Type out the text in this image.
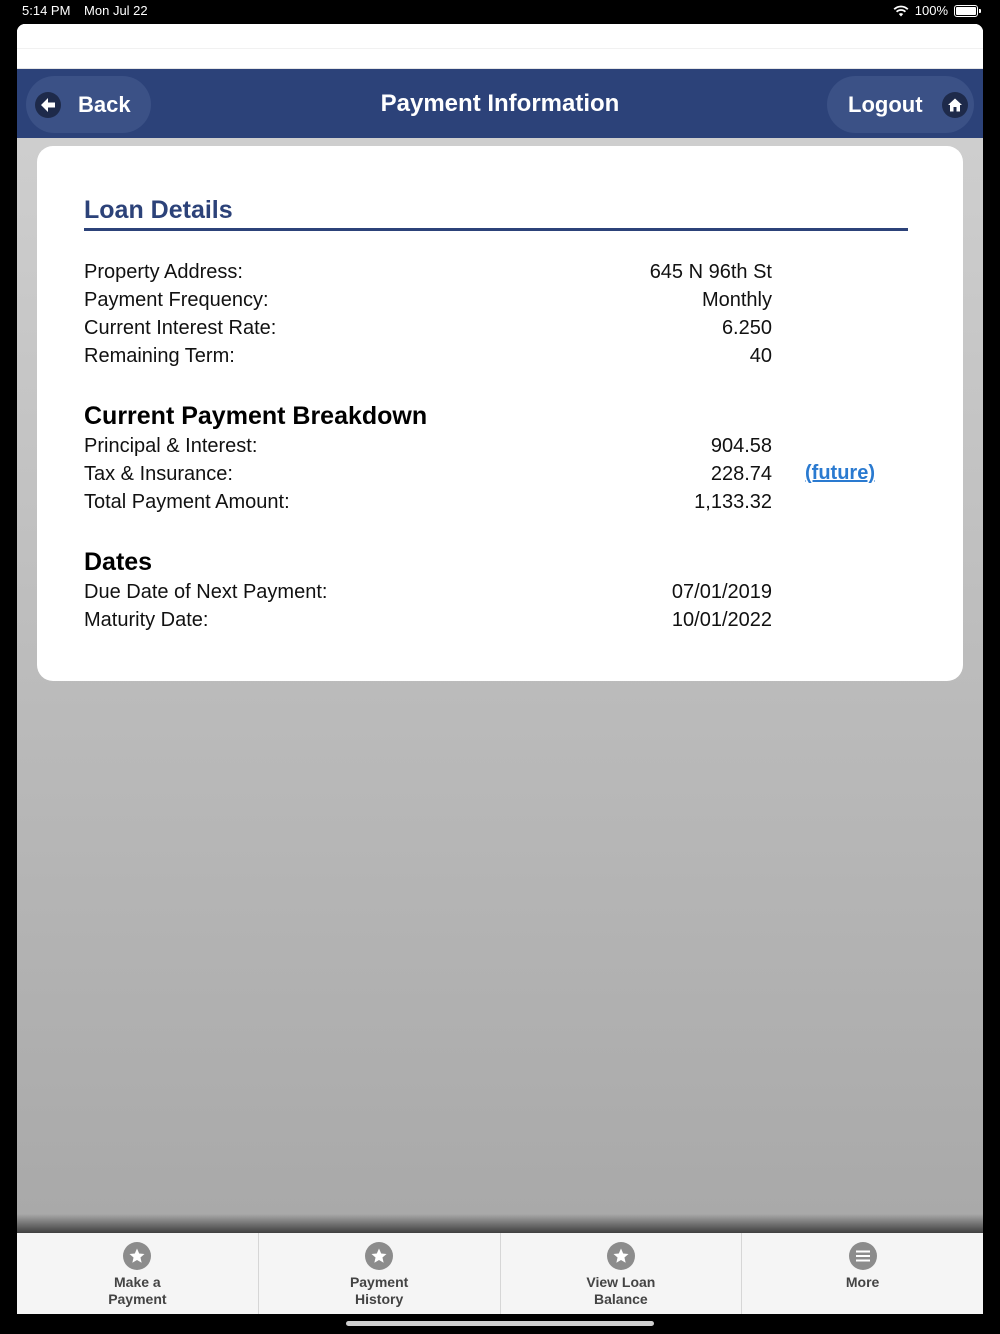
5:14 PM Mon Jul 22	100%
Back	Payment Information	Logout
Loan Details
Property Address:	645 N 96th St
Payment Frequency:	Monthly
Current Interest Rate:	6.250
Remaining Term:	40
Current Payment Breakdown
Principal & Interest:	904.58
Tax & Insurance:	228.74 (future)
Total Payment Amount:	1,133.32
Dates
Due Date of Next Payment:	07/01/2019
Maturity Date:	10/01/2022
Make a
Payment
Payment
History
View Loan
Balance
More
